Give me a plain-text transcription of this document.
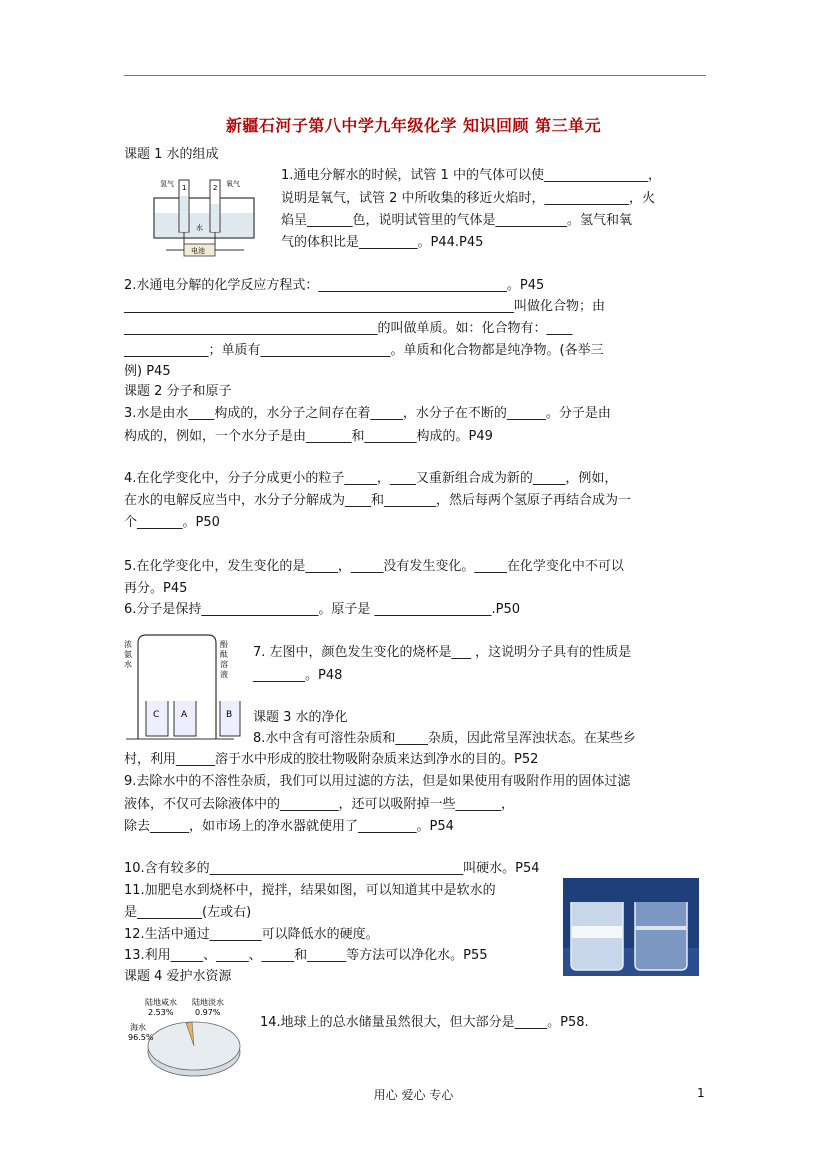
新疆石河子第八中学九年级化学 知识回顾 第三单元
课题 1 水的组成
1.通电分解水的时候，试管 1 中的气体可以使________________，
说明是氧气，试管 2 中所收集的移近火焰时，_____________，火
焰呈_______色，说明试管里的气体是___________。氢气和氧
气的体积比是_________。P44.P45
2.水通电分解的化学反应方程式：_____________________________。P45
____________________________________________________________叫做化合物；由
_______________________________________的叫做单质。如：化合物有：____
_____________；单质有____________________。单质和化合物都是纯净物。(各举三
例) P45
课题 2 分子和原子
3.水是由水____构成的，水分子之间存在着_____，水分子在不断的______。分子是由
构成的，例如，一个水分子是由_______和________构成的。P49
4.在化学变化中，分子分成更小的粒子_____，____又重新组合成为新的_____，例如，
在水的电解反应当中，水分子分解成为____和________，然后每两个氢原子再结合成为一
个_______。P50
5.在化学变化中，发生变化的是_____，_____没有发生变化。_____在化学变化中不可以
再分。P45
6.分子是保持__________________。原子是 __________________.P50
7. 左图中，颜色发生变化的烧杯是___ ，这说明分子具有的性质是
________。P48
课题 3 水的净化
8.水中含有可溶性杂质和_____杂质，因此常呈浑浊状态。在某些乡
村，利用______溶于水中形成的胶壮物吸附杂质来达到净水的目的。P52
9.去除水中的不溶性杂质，我们可以用过滤的方法，但是如果使用有吸附作用的固体过滤
液体，不仅可去除液体中的_________，还可以吸附掉一些_______，
除去______，如市场上的净水器就使用了_________。P54
10.含有较多的_______________________________________叫硬水。P54
11.加肥皂水到烧杯中，搅拌，结果如图，可以知道其中是软水的
是__________(左或右)
12.生活中通过________可以降低水的硬度。
13.利用_____、_____、_____和______等方法可以净化水。P55
课题 4 爱护水资源
14.地球上的总水储量虽然很大，但大部分是_____。P58.
氢气	氧气
1	2
水
电池
浓
氨
水
酚
酞
溶
液
C A	B
陆地咸水
2.53%
陆地淡水
0.97%
海水
96.5%
用心 爱心 专心	1
